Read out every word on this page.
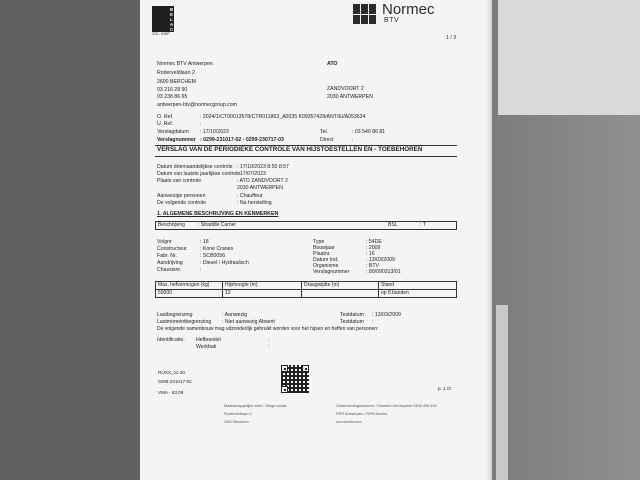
BELAC
215 - INSP
Normec
BTV
1 / 3
Normec BTV Antwerpen
Roderveldlaan 2
2600 BERCHEM
03 216 28 90
03 238 86 65
antwerpen-btv@normecgroup.com
ATO
ZANDVOORT 2
2030 ANTWERPEN
O. Ref.	: 2024/1/CT00013578/CTR011863_A0035 K09357428/ANT/EI/A053634
U. Ref.	:
Verslagdatum : 17/10/2023	Tel.	: 03 540 86 81
Verslagnummer : 0299-231017-02 - 0299-230717-03	Direct	:
VERSLAG VAN DE PERIODIEKE CONTROLE VAN HIJSTOESTELLEN EN - TOEBEHOREN
Datum driemaandelijkse controle : 17/10/2023 8:50 8:57
Datum van laatste jaarlijkse controle
: 17/07/2023
Plaats van controle	: ATO ZANDVOORT 2
2030 ANTWERPEN
Aanwezige personen	: Chauffeur
De volgende controle	: Na herstelling
1. ALGEMENE BESCHRIJVING EN KENMERKEN
Beschrijving	: Straddle Carrier	BSL	: T
Volgnr	: 18
Constructeur	: Kone Cranes
Fabr. Nr.	: SCB0056
Aandrijving	: Diesel / Hydraulisch
Chassisnr.	:
Type	: 54DE
Bouwjaar	: 2009
Plaatnr.	: 16
Datum Ind.	: 13/03/2009
Organisme	: BTV
Verslagnummer	: 80/090313/01
Max. hefvermogen (kg)	Hijshoogte (m)	Draagwijdte (m)	Stand
50000	13		op 8 banden
Lastbegrenzing	: Aanwezig	Testdatum : 13/03/2009
Lastmomentbegrenzing : Niet aanwezig Absent	Testdatum :
De volgende samenbouw mag uitzonderlijk gebruikt worden voor het hijsen en heffen van personen:
Identificatie: Hefboestel	:
Werkbak	:
RIJXX_11-20
0299-231017-02
VMA - 63.09
p. 1 /3
Maatschappelijke zetel / Siège social:
Roderveldlaan 2
2600 Berchem
Ondernemingsnummer / Numéro d'entreprise 0406.495.616
RPR Antwerpen / RPM Anvers
normecbtv.com
